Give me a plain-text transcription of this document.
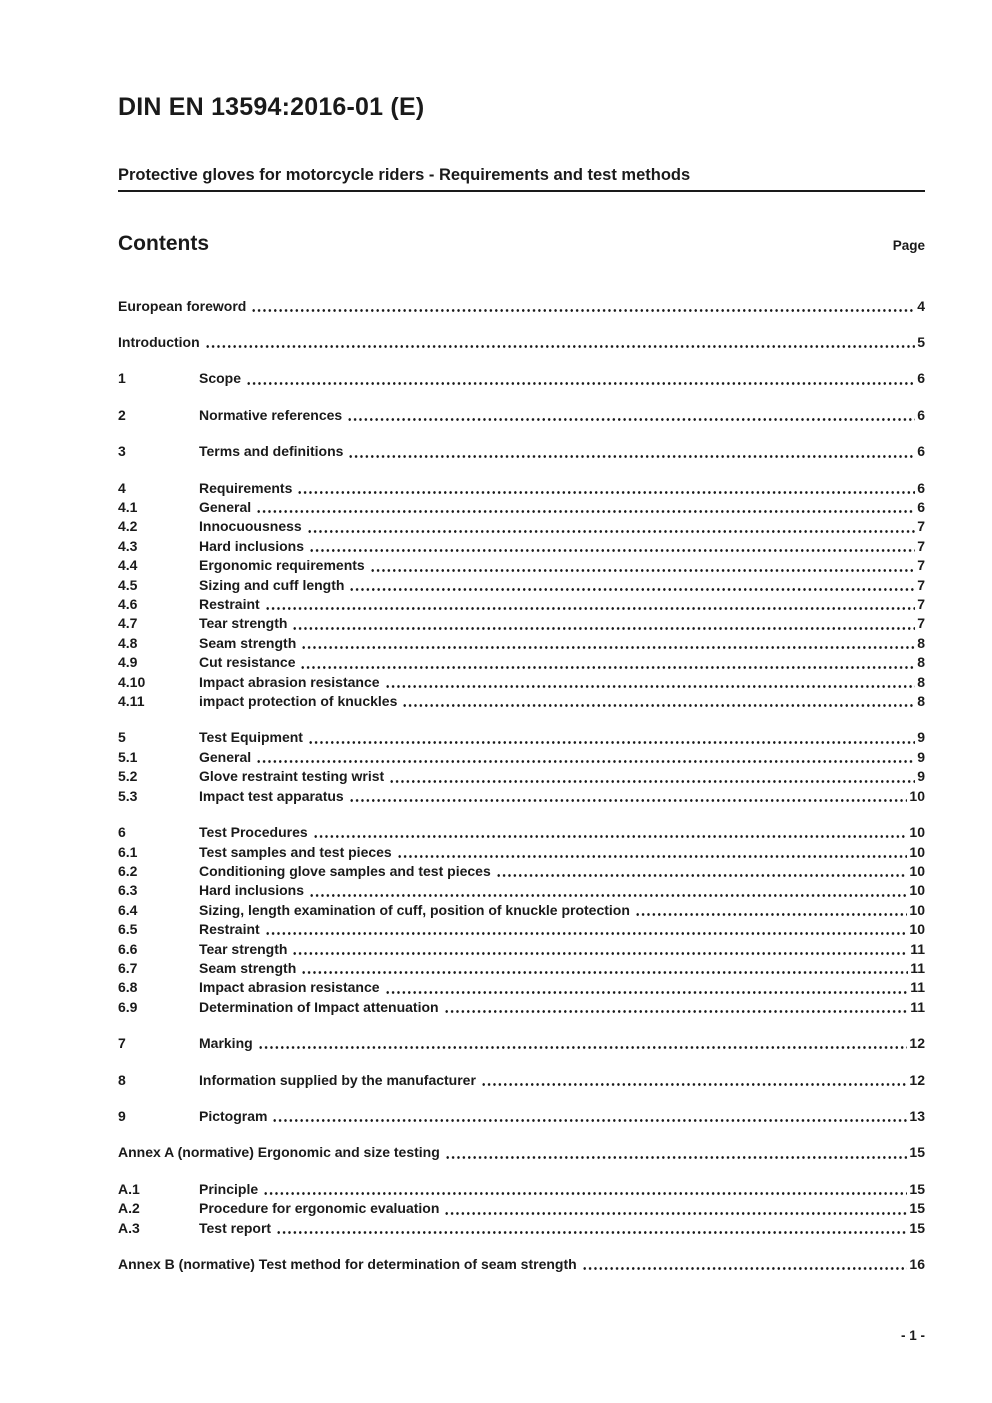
DIN EN 13594:2016-01 (E)
Protective gloves for motorcycle riders - Requirements and test methods
Contents	Page
European foreword	4
Introduction	5
1	Scope	6
2	Normative references	6
3	Terms and definitions	6
4	Requirements	6
4.1	General	6
4.2	Innocuousness	7
4.3	Hard inclusions	7
4.4	Ergonomic requirements	7
4.5	Sizing and cuff length	7
4.6	Restraint	7
4.7	Tear strength	7
4.8	Seam strength	8
4.9	Cut resistance	8
4.10	Impact abrasion resistance	8
4.11	impact protection of knuckles	8
5	Test Equipment	9
5.1	General	9
5.2	Glove restraint testing wrist	9
5.3	Impact test apparatus	10
6	Test Procedures	10
6.1	Test samples and test pieces	10
6.2	Conditioning glove samples and test pieces	10
6.3	Hard inclusions	10
6.4	Sizing, length examination of cuff, position of knuckle protection	10
6.5	Restraint	10
6.6	Tear strength	11
6.7	Seam strength	11
6.8	Impact abrasion resistance	11
6.9	Determination of Impact attenuation	11
7	Marking	12
8	Information supplied by the manufacturer	12
9	Pictogram	13
Annex A (normative) Ergonomic and size testing	15
A.1	Principle	15
A.2	Procedure for ergonomic evaluation	15
A.3	Test report	15
Annex B (normative) Test method for determination of seam strength	16
- 1 -
